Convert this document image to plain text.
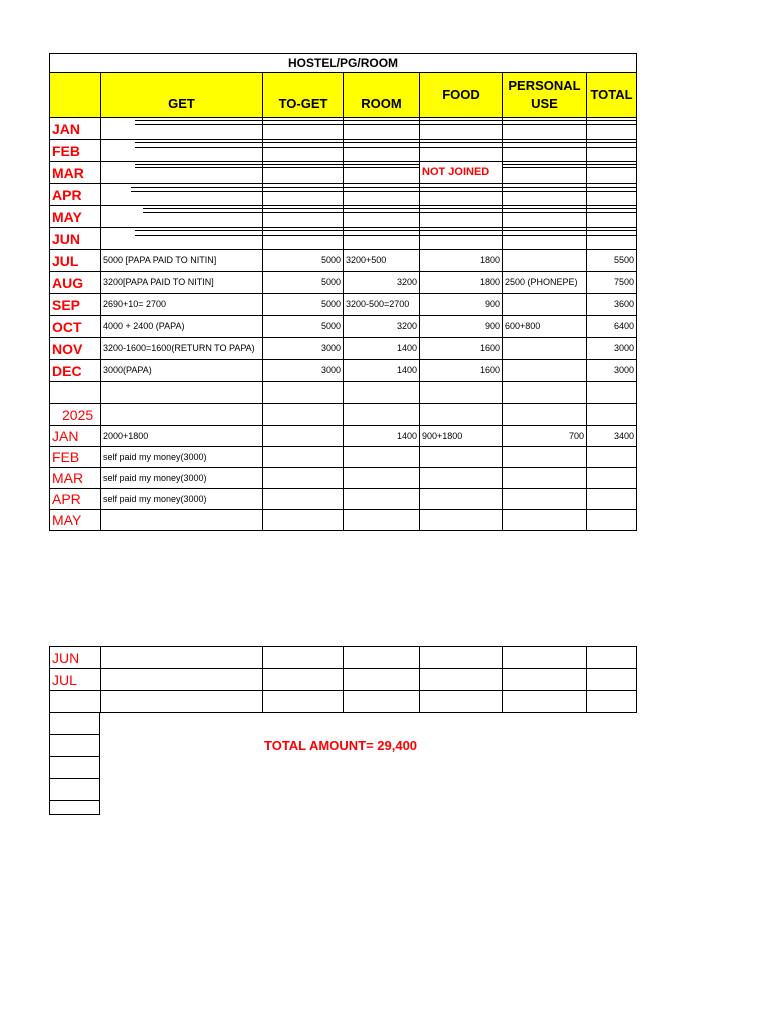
HOSTEL/PG/ROOM						
	GET	TO-GET	ROOM	FOOD	PERSONAL USE	TOTAL
JAN	

FEB	

MAR				NOT JOINED	

APR	

MAY	

JUN	

JUL	5000 [PAPA PAID TO NITIN]	5000	3200+500	1800		5500
AUG	3200[PAPA PAID TO NITIN]	5000	3200	1800	2500 (PHONEPE)	7500
SEP	2690+10= 2700	5000	3200-500=2700	900		3600
OCT	4000 + 2400 (PAPA)	5000	3200	900	600+800	6400
NOV	3200-1600=1600(RETURN TO PAPA)	3000	1400	1600		3000
DEC	3000(PAPA)	3000	1400	1600		3000

2025						
JAN	2000+1800		1400	900+1800	700	3400
FEB	self paid my money(3000)					
MAR	self paid my money(3000)					
APR	self paid my money(3000)					
MAY						
JUN						
JUL						

TOTAL AMOUNT= 29,400
